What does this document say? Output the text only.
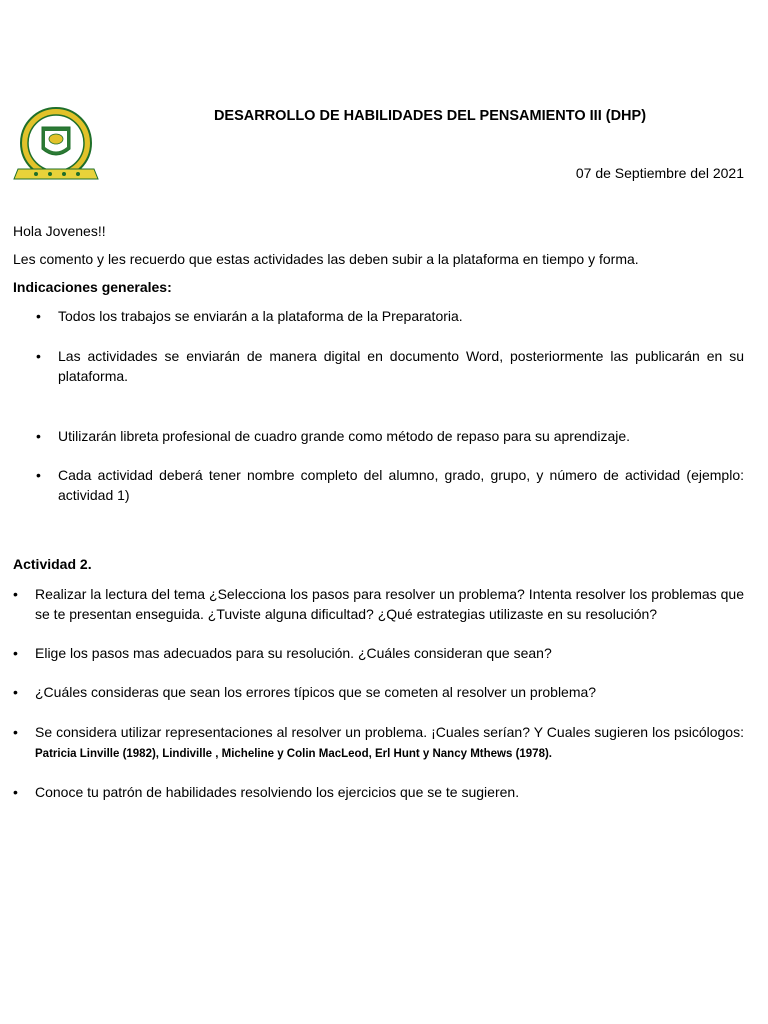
DESARROLLO DE HABILIDADES DEL PENSAMIENTO III (DHP)
07 de Septiembre del 2021
Hola Jovenes!!
Les comento y les recuerdo que estas actividades las deben subir a la plataforma en tiempo y forma.
Indicaciones generales:
• Todos los trabajos se enviarán a la plataforma de la Preparatoria.
• Las actividades se enviarán de manera digital en documento Word, posteriormente las publicarán en su plataforma.
• Utilizarán libreta profesional de cuadro grande como método de repaso para su aprendizaje.
• Cada actividad deberá tener nombre completo del alumno, grado, grupo, y número de actividad (ejemplo: actividad 1)
Actividad 2.
• Realizar la lectura del tema ¿Selecciona los pasos para resolver un problema? Intenta resolver los problemas que se te presentan enseguida. ¿Tuviste alguna dificultad? ¿Qué estrategias utilizaste en su resolución?
• Elige los pasos mas adecuados para su resolución. ¿Cuáles consideran que sean?
• ¿Cuáles consideras que sean los errores típicos que se cometen al resolver un problema?
• Se considera utilizar representaciones al resolver un problema. ¡Cuales serían? Y Cuales sugieren los psicólogos: Patricia Linville (1982), Lindiville , Micheline y Colin MacLeod, Erl Hunt y Nancy Mthews (1978).
• Conoce tu patrón de habilidades resolviendo los ejercicios que se te sugieren.
